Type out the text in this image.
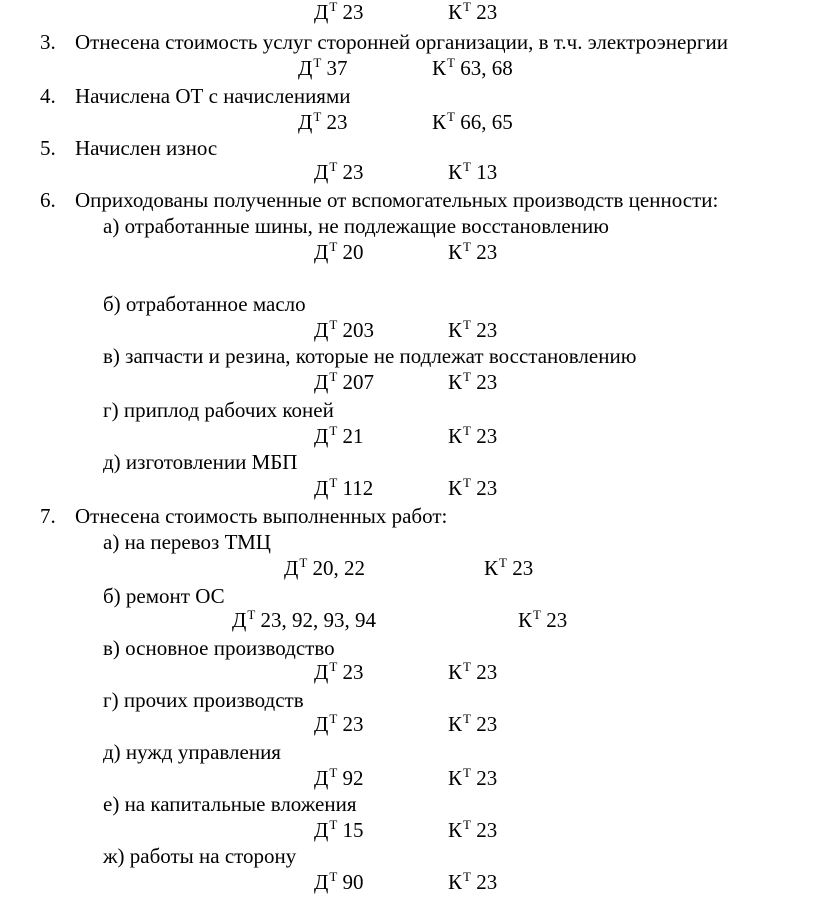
$Д^Т$ 23	$К^Т$ 23
3. Отнесена стоимость услуг сторонней организации, в т.ч. электроэнергии
$Д^Т$ 37	$К^Т$ 63, 68
4. Начислена ОТ с начислениями
$Д^Т$ 23	$К^Т$ 66, 65
5. Начислен износ
$Д^Т$ 23	$К^Т$ 13
6. Оприходованы полученные от вспомогательных производств ценности:
а) отработанные шины, не подлежащие восстановлению
$Д^Т$ 20	$К^Т$ 23
б) отработанное масло
$Д^Т$ 203	$К^Т$ 23
в) запчасти и резина, которые не подлежат восстановлению
$Д^Т$ 207	$К^Т$ 23
г) приплод рабочих коней
$Д^Т$ 21	$К^Т$ 23
д) изготовлении МБП
$Д^Т$ 112	$К^Т$ 23
7. Отнесена стоимость выполненных работ:
а) на перевоз ТМЦ
$Д^Т$ 20, 22	$К^Т$ 23
б) ремонт ОС
$Д^Т$ 23, 92, 93, 94	$К^Т$ 23
в) основное производство
$Д^Т$ 23	$К^Т$ 23
г) прочих производств
$Д^Т$ 23	$К^Т$ 23
д) нужд управления
$Д^Т$ 92	$К^Т$ 23
е) на капитальные вложения
$Д^Т$ 15	$К^Т$ 23
ж) работы на сторону
$Д^Т$ 90	$К^Т$ 23
